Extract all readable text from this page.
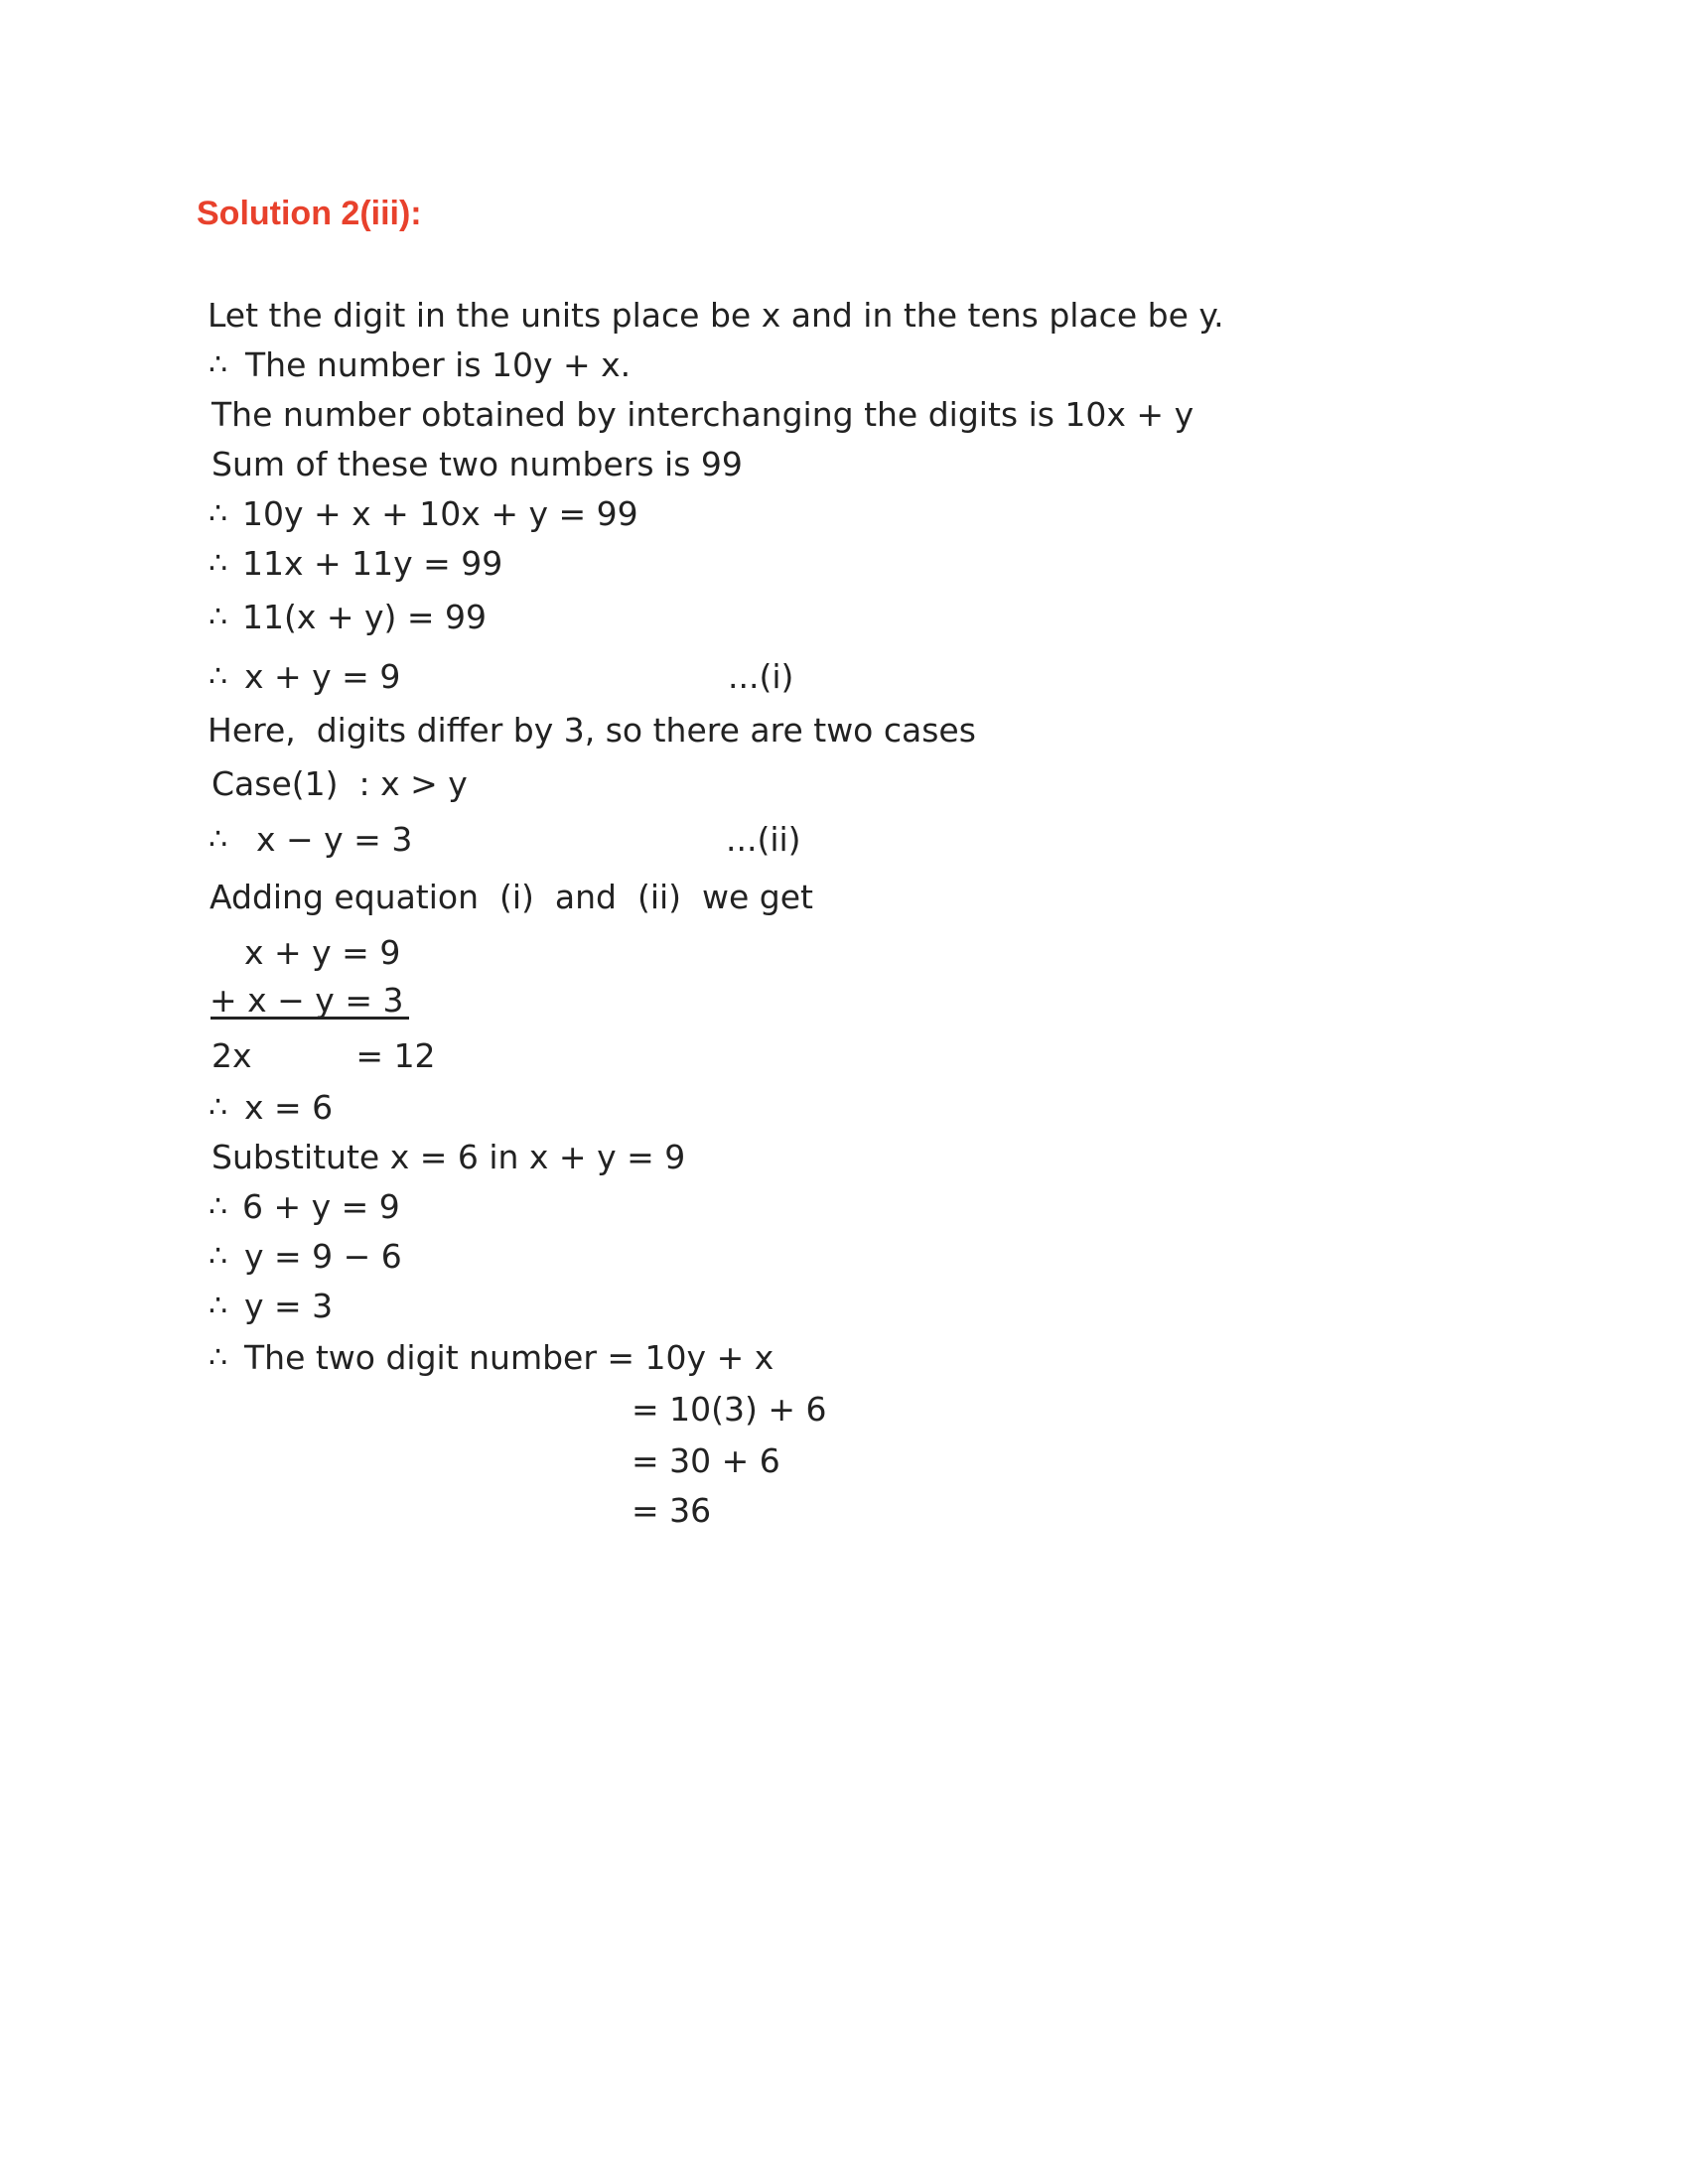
Solution 2(iii):
Let the digit in the units place be x and in the tens place be y.
∴ The number is 10y + x.
The number obtained by interchanging the digits is 10x + y
Sum of these two numbers is 99
∴ 10y + x + 10x + y = 99
∴ 11x + 11y = 99
∴ 11(x + y) = 99
∴ x + y = 9	...(i)
Here,  digits differ by 3, so there are two cases
Case(1)  : x > y
∴ x − y = 3	...(ii)
Adding equation  (i)  and  (ii)  we get
x + y = 9
+ x − y = 3
2x          = 12
∴ x = 6
Substitute x = 6 in x + y = 9
∴ 6 + y = 9
∴ y = 9 − 6
∴ y = 3
∴ The two digit number = 10y + x
= 10(3) + 6
= 30 + 6
= 36
